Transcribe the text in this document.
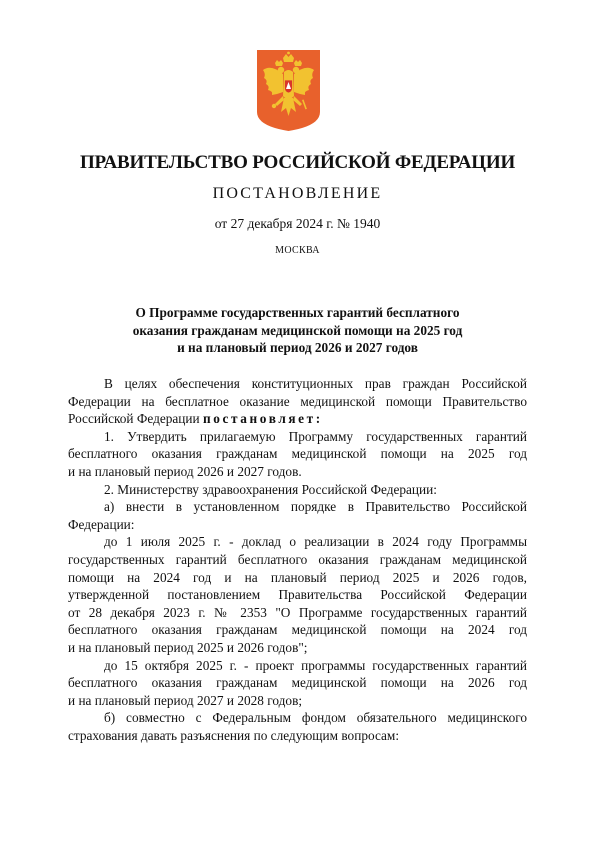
ПРАВИТЕЛЬСТВО РОССИЙСКОЙ ФЕДЕРАЦИИ
ПОСТАНОВЛЕНИЕ
от 27 декабря 2024 г. № 1940
МОСКВА
О Программе государственных гарантий бесплатного
оказания гражданам медицинской помощи на 2025 год
и на плановый период 2026 и 2027 годов
В целях обеспечения конституционных прав граждан Российской
Федерации на бесплатное оказание медицинской помощи Правительство
Российской Федерации постановляет:
1. Утвердить прилагаемую Программу государственных гарантий
бесплатного оказания гражданам медицинской помощи на 2025 год
и на плановый период 2026 и 2027 годов.
2. Министерству здравоохранения Российской Федерации:
а) внести в установленном порядке в Правительство Российской
Федерации:
до 1 июля 2025 г. - доклад о реализации в 2024 году Программы
государственных гарантий бесплатного оказания гражданам медицинской
помощи на 2024 год и на плановый период 2025 и 2026 годов,
утвержденной постановлением Правительства Российской Федерации
от 28 декабря 2023 г. № 2353 "О Программе государственных гарантий
бесплатного оказания гражданам медицинской помощи на 2024 год
и на плановый период 2025 и 2026 годов";
до 15 октября 2025 г. - проект программы государственных гарантий
бесплатного оказания гражданам медицинской помощи на 2026 год
и на плановый период 2027 и 2028 годов;
б) совместно с Федеральным фондом обязательного медицинского
страхования давать разъяснения по следующим вопросам:
